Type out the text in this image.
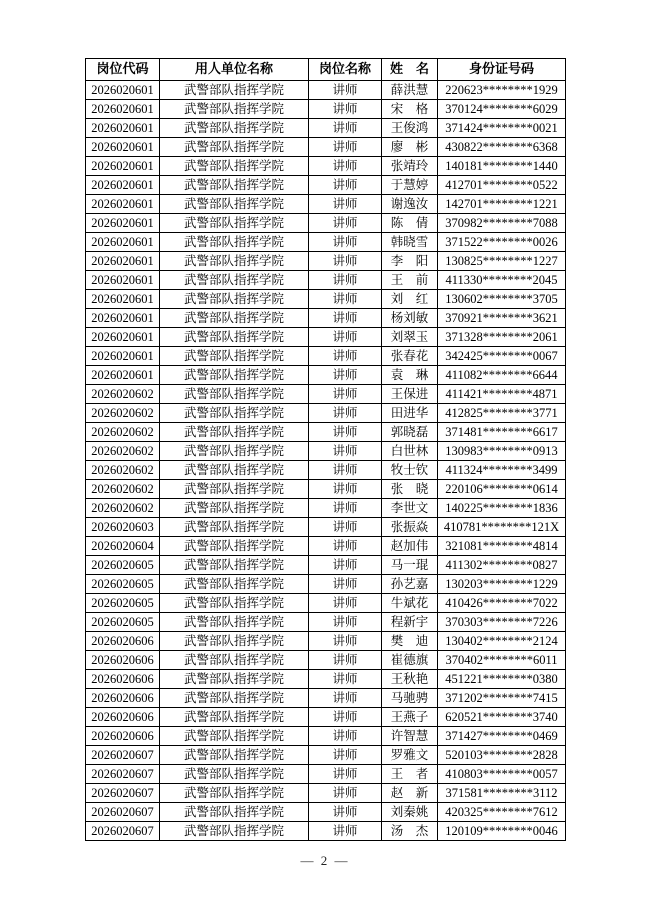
岗位代码	用人单位名称	岗位名称	姓　名	身份证号码
2026020601	武警部队指挥学院	讲师	薛洪慧	220623********1929
2026020601	武警部队指挥学院	讲师	宋　格	370124********6029
2026020601	武警部队指挥学院	讲师	王俊鸿	371424********0021
2026020601	武警部队指挥学院	讲师	廖　彬	430822********6368
2026020601	武警部队指挥学院	讲师	张靖玲	140181********1440
2026020601	武警部队指挥学院	讲师	于慧婷	412701********0522
2026020601	武警部队指挥学院	讲师	谢逸汝	142701********1221
2026020601	武警部队指挥学院	讲师	陈　倩	370982********7088
2026020601	武警部队指挥学院	讲师	韩晓雪	371522********0026
2026020601	武警部队指挥学院	讲师	李　阳	130825********1227
2026020601	武警部队指挥学院	讲师	王　前	411330********2045
2026020601	武警部队指挥学院	讲师	刘　红	130602********3705
2026020601	武警部队指挥学院	讲师	杨刘敏	370921********3621
2026020601	武警部队指挥学院	讲师	刘翠玉	371328********2061
2026020601	武警部队指挥学院	讲师	张春花	342425********0067
2026020601	武警部队指挥学院	讲师	袁　琳	411082********6644
2026020602	武警部队指挥学院	讲师	王保进	411421********4871
2026020602	武警部队指挥学院	讲师	田进华	412825********3771
2026020602	武警部队指挥学院	讲师	郭晓磊	371481********6617
2026020602	武警部队指挥学院	讲师	白世林	130983********0913
2026020602	武警部队指挥学院	讲师	牧士钦	411324********3499
2026020602	武警部队指挥学院	讲师	张　晓	220106********0614
2026020602	武警部队指挥学院	讲师	李世文	140225********1836
2026020603	武警部队指挥学院	讲师	张振焱	410781********121X
2026020604	武警部队指挥学院	讲师	赵加伟	321081********4814
2026020605	武警部队指挥学院	讲师	马一琨	411302********0827
2026020605	武警部队指挥学院	讲师	孙艺嘉	130203********1229
2026020605	武警部队指挥学院	讲师	牛斌花	410426********7022
2026020605	武警部队指挥学院	讲师	程新宇	370303********7226
2026020606	武警部队指挥学院	讲师	樊　迪	130402********2124
2026020606	武警部队指挥学院	讲师	崔德旗	370402********6011
2026020606	武警部队指挥学院	讲师	王秋艳	451221********0380
2026020606	武警部队指挥学院	讲师	马驰骋	371202********7415
2026020606	武警部队指挥学院	讲师	王燕子	620521********3740
2026020606	武警部队指挥学院	讲师	许智慧	371427********0469
2026020607	武警部队指挥学院	讲师	罗雅文	520103********2828
2026020607	武警部队指挥学院	讲师	王　者	410803********0057
2026020607	武警部队指挥学院	讲师	赵　新	371581********3112
2026020607	武警部队指挥学院	讲师	刘秦姚	420325********7612
2026020607	武警部队指挥学院	讲师	汤　杰	120109********0046
— 2 —
